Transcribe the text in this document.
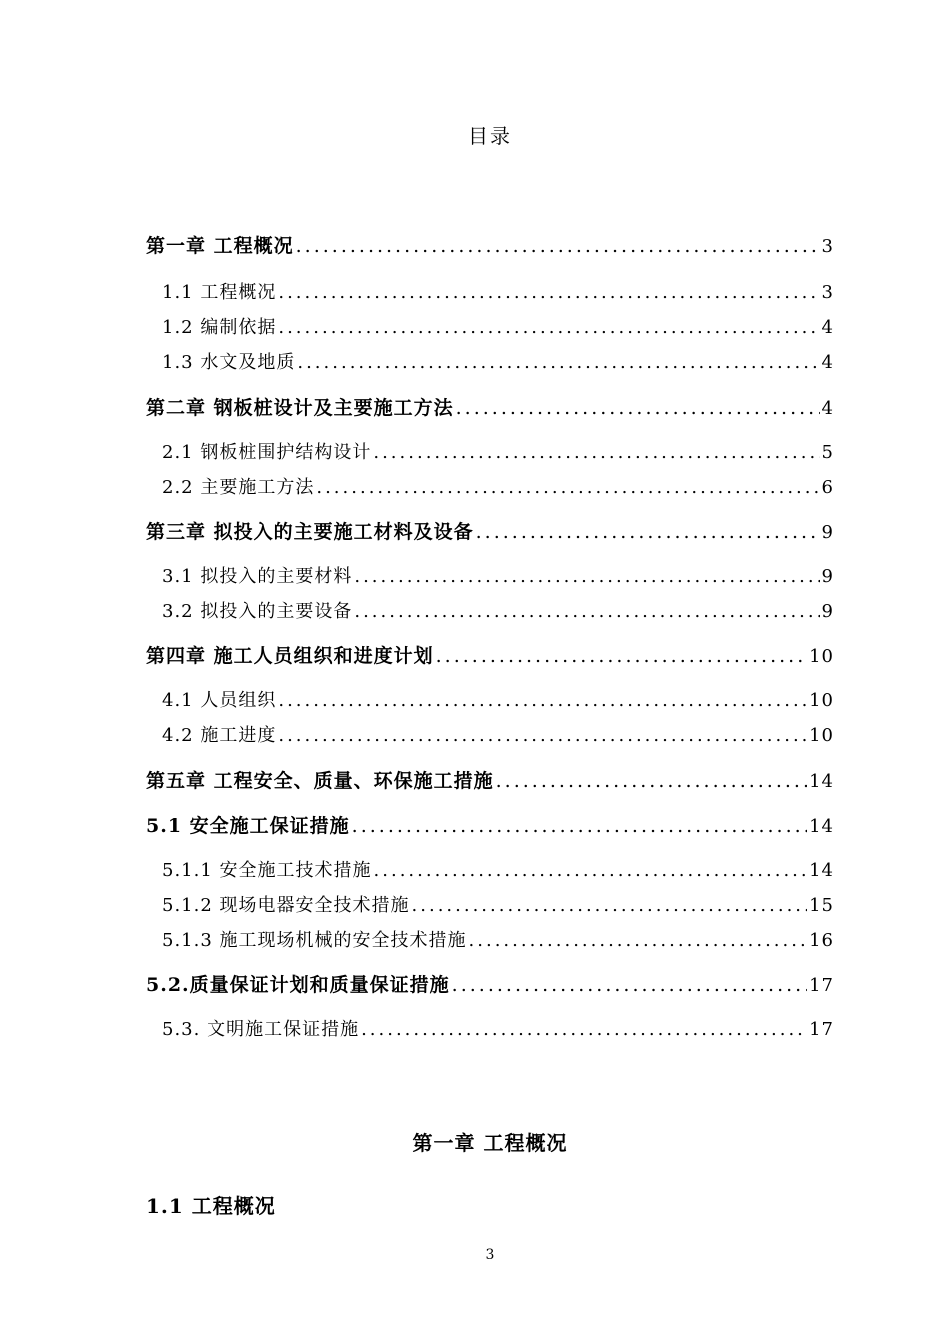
目录
第一章 工程概况 .....	3
1.1 工程概况 .....	3
1.2 编制依据 .....	4
1.3 水文及地质 .....	4
第二章 钢板桩设计及主要施工方法 .....	4
2.1 钢板桩围护结构设计 .....	5
2.2 主要施工方法 .....	6
第三章 拟投入的主要施工材料及设备 .....	9
3.1 拟投入的主要材料 .....	9
3.2 拟投入的主要设备 .....	9
第四章 施工人员组织和进度计划 .....	10
4.1 人员组织 .....	10
4.2 施工进度 .....	10
第五章 工程安全、质量、环保施工措施 .....	14
5.1 安全施工保证措施 .....	14
5.1.1 安全施工技术措施 .....	14
5.1.2 现场电器安全技术措施 .....	15
5.1.3 施工现场机械的安全技术措施 .....	16
5.2.质量保证计划和质量保证措施 .....	17
5.3. 文明施工保证措施 .....	17
第一章 工程概况
1.1 工程概况
3
